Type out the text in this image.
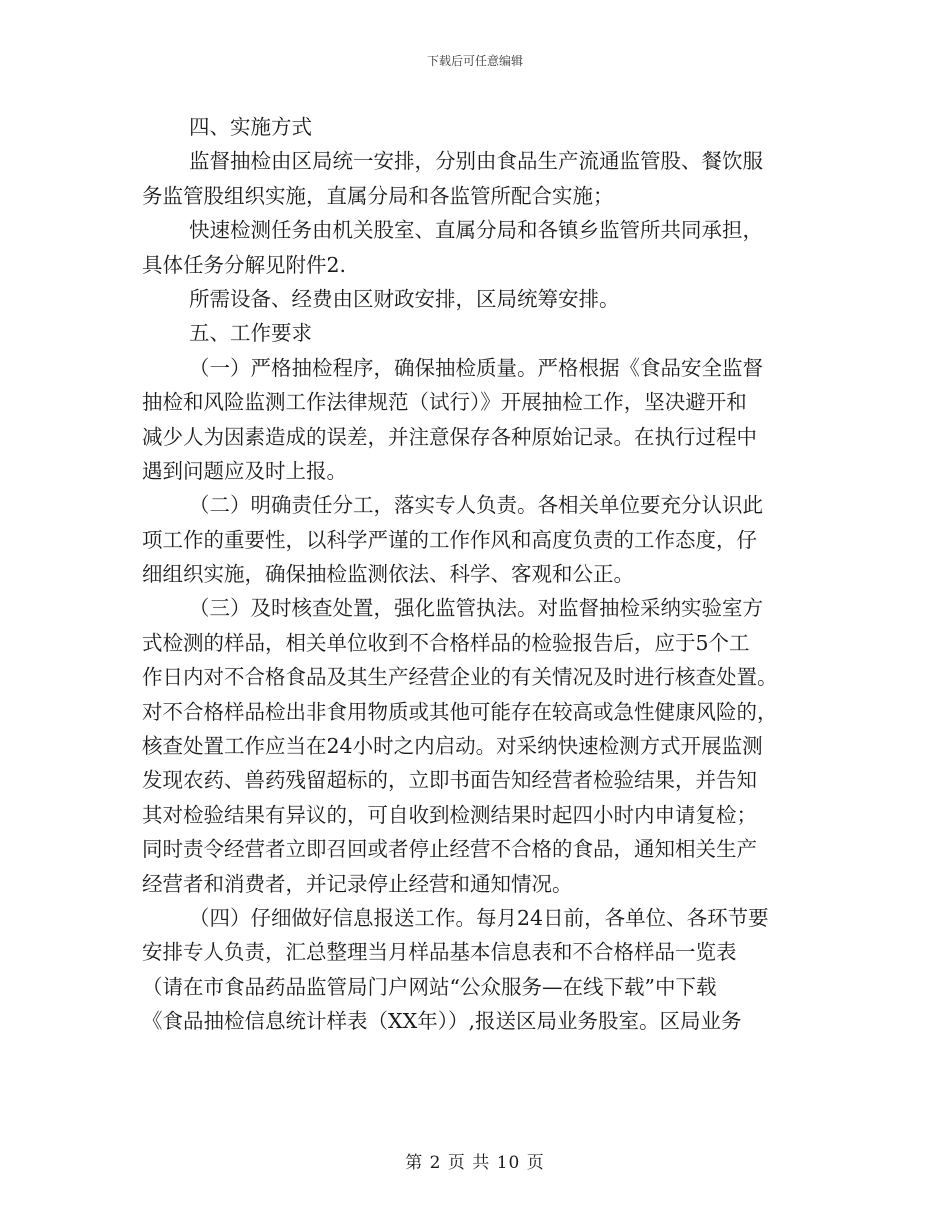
下载后可任意编辑
四、实施方式
监督抽检由区局统一安排，分别由食品生产流通监管股、餐饮服
务监管股组织实施，直属分局和各监管所配合实施；
快速检测任务由机关股室、直属分局和各镇乡监管所共同承担，
具体任务分解见附件2.
所需设备、经费由区财政安排，区局统筹安排。
五、工作要求
（一）严格抽检程序，确保抽检质量。严格根据《食品安全监督
抽检和风险监测工作法律规范（试行）》开展抽检工作，坚决避开和
减少人为因素造成的误差，并注意保存各种原始记录。在执行过程中
遇到问题应及时上报。
（二）明确责任分工，落实专人负责。各相关单位要充分认识此
项工作的重要性，以科学严谨的工作作风和高度负责的工作态度，仔
细组织实施，确保抽检监测依法、科学、客观和公正。
（三）及时核查处置，强化监管执法。对监督抽检采纳实验室方
式检测的样品，相关单位收到不合格样品的检验报告后，应于5个工
作日内对不合格食品及其生产经营企业的有关情况及时进行核查处置。
对不合格样品检出非食用物质或其他可能存在较高或急性健康风险的，
核查处置工作应当在24小时之内启动。对采纳快速检测方式开展监测
发现农药、兽药残留超标的，立即书面告知经营者检验结果，并告知
其对检验结果有异议的，可自收到检测结果时起四小时内申请复检；
同时责令经营者立即召回或者停止经营不合格的食品，通知相关生产
经营者和消费者，并记录停止经营和通知情况。
（四）仔细做好信息报送工作。每月24日前，各单位、各环节要
安排专人负责，汇总整理当月样品基本信息表和不合格样品一览表
（请在市食品药品监管局门户网站“公众服务—在线下载”中下载
《食品抽检信息统计样表（XX年））,报送区局业务股室。区局业务
第 2 页 共 10 页
